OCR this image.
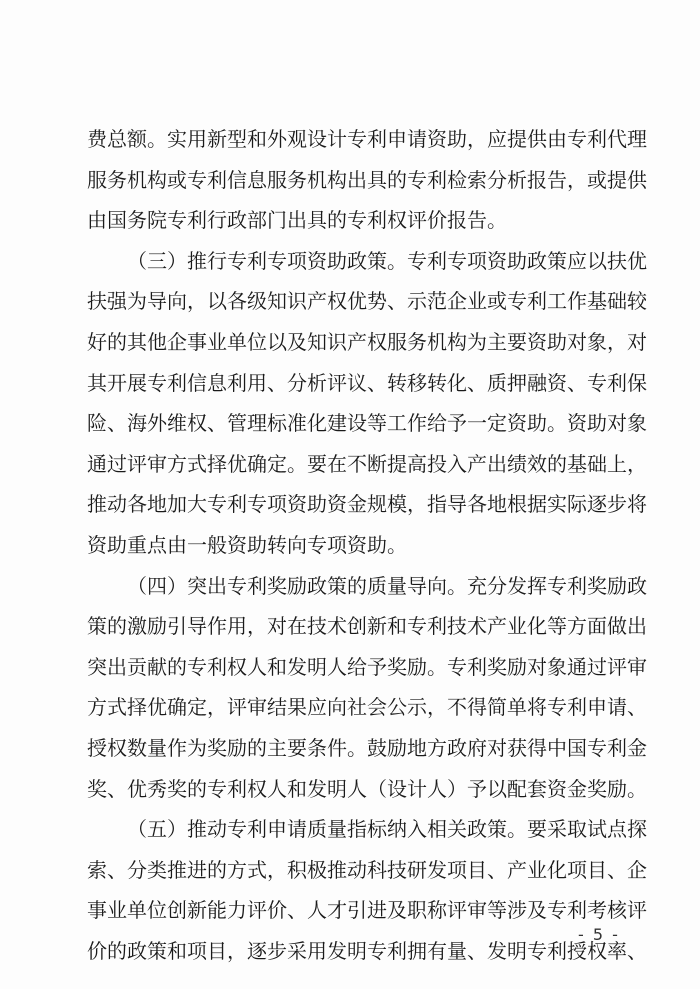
费总额。实用新型和外观设计专利申请资助，应提供由专利代理
服务机构或专利信息服务机构出具的专利检索分析报告，或提供
由国务院专利行政部门出具的专利权评价报告。
（三）推行专利专项资助政策。专利专项资助政策应以扶优
扶强为导向，以各级知识产权优势、示范企业或专利工作基础较
好的其他企事业单位以及知识产权服务机构为主要资助对象，对
其开展专利信息利用、分析评议、转移转化、质押融资、专利保
险、海外维权、管理标准化建设等工作给予一定资助。资助对象
通过评审方式择优确定。要在不断提高投入产出绩效的基础上，
推动各地加大专利专项资助资金规模，指导各地根据实际逐步将
资助重点由一般资助转向专项资助。
（四）突出专利奖励政策的质量导向。充分发挥专利奖励政
策的激励引导作用，对在技术创新和专利技术产业化等方面做出
突出贡献的专利权人和发明人给予奖励。专利奖励对象通过评审
方式择优确定，评审结果应向社会公示，不得简单将专利申请、
授权数量作为奖励的主要条件。鼓励地方政府对获得中国专利金
奖、优秀奖的专利权人和发明人（设计人）予以配套资金奖励。
（五）推动专利申请质量指标纳入相关政策。要采取试点探
索、分类推进的方式，积极推动科技研发项目、产业化项目、企
事业单位创新能力评价、人才引进及职称评审等涉及专利考核评
价的政策和项目，逐步采用发明专利拥有量、发明专利授权率、
- 5 -
